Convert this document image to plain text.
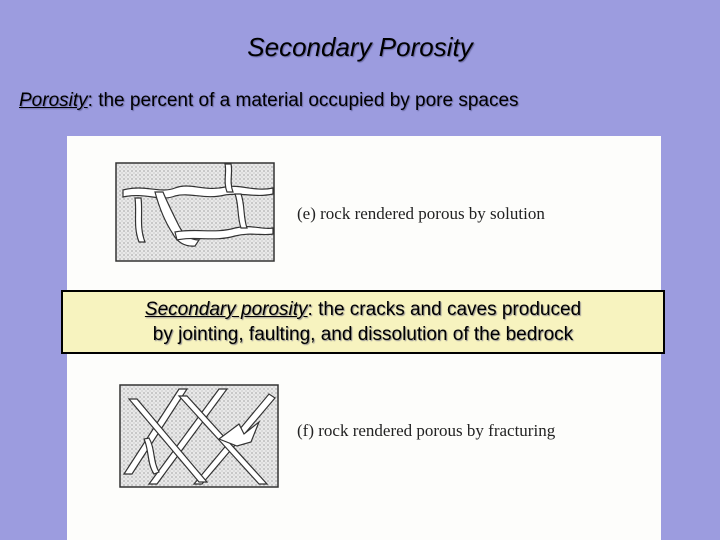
Secondary Porosity
Porosity: the percent of a material occupied by pore spaces
(e) rock rendered porous by solution
(f) rock rendered porous by fracturing
Secondary porosity: the cracks and caves produced
by jointing, faulting, and dissolution of the bedrock
